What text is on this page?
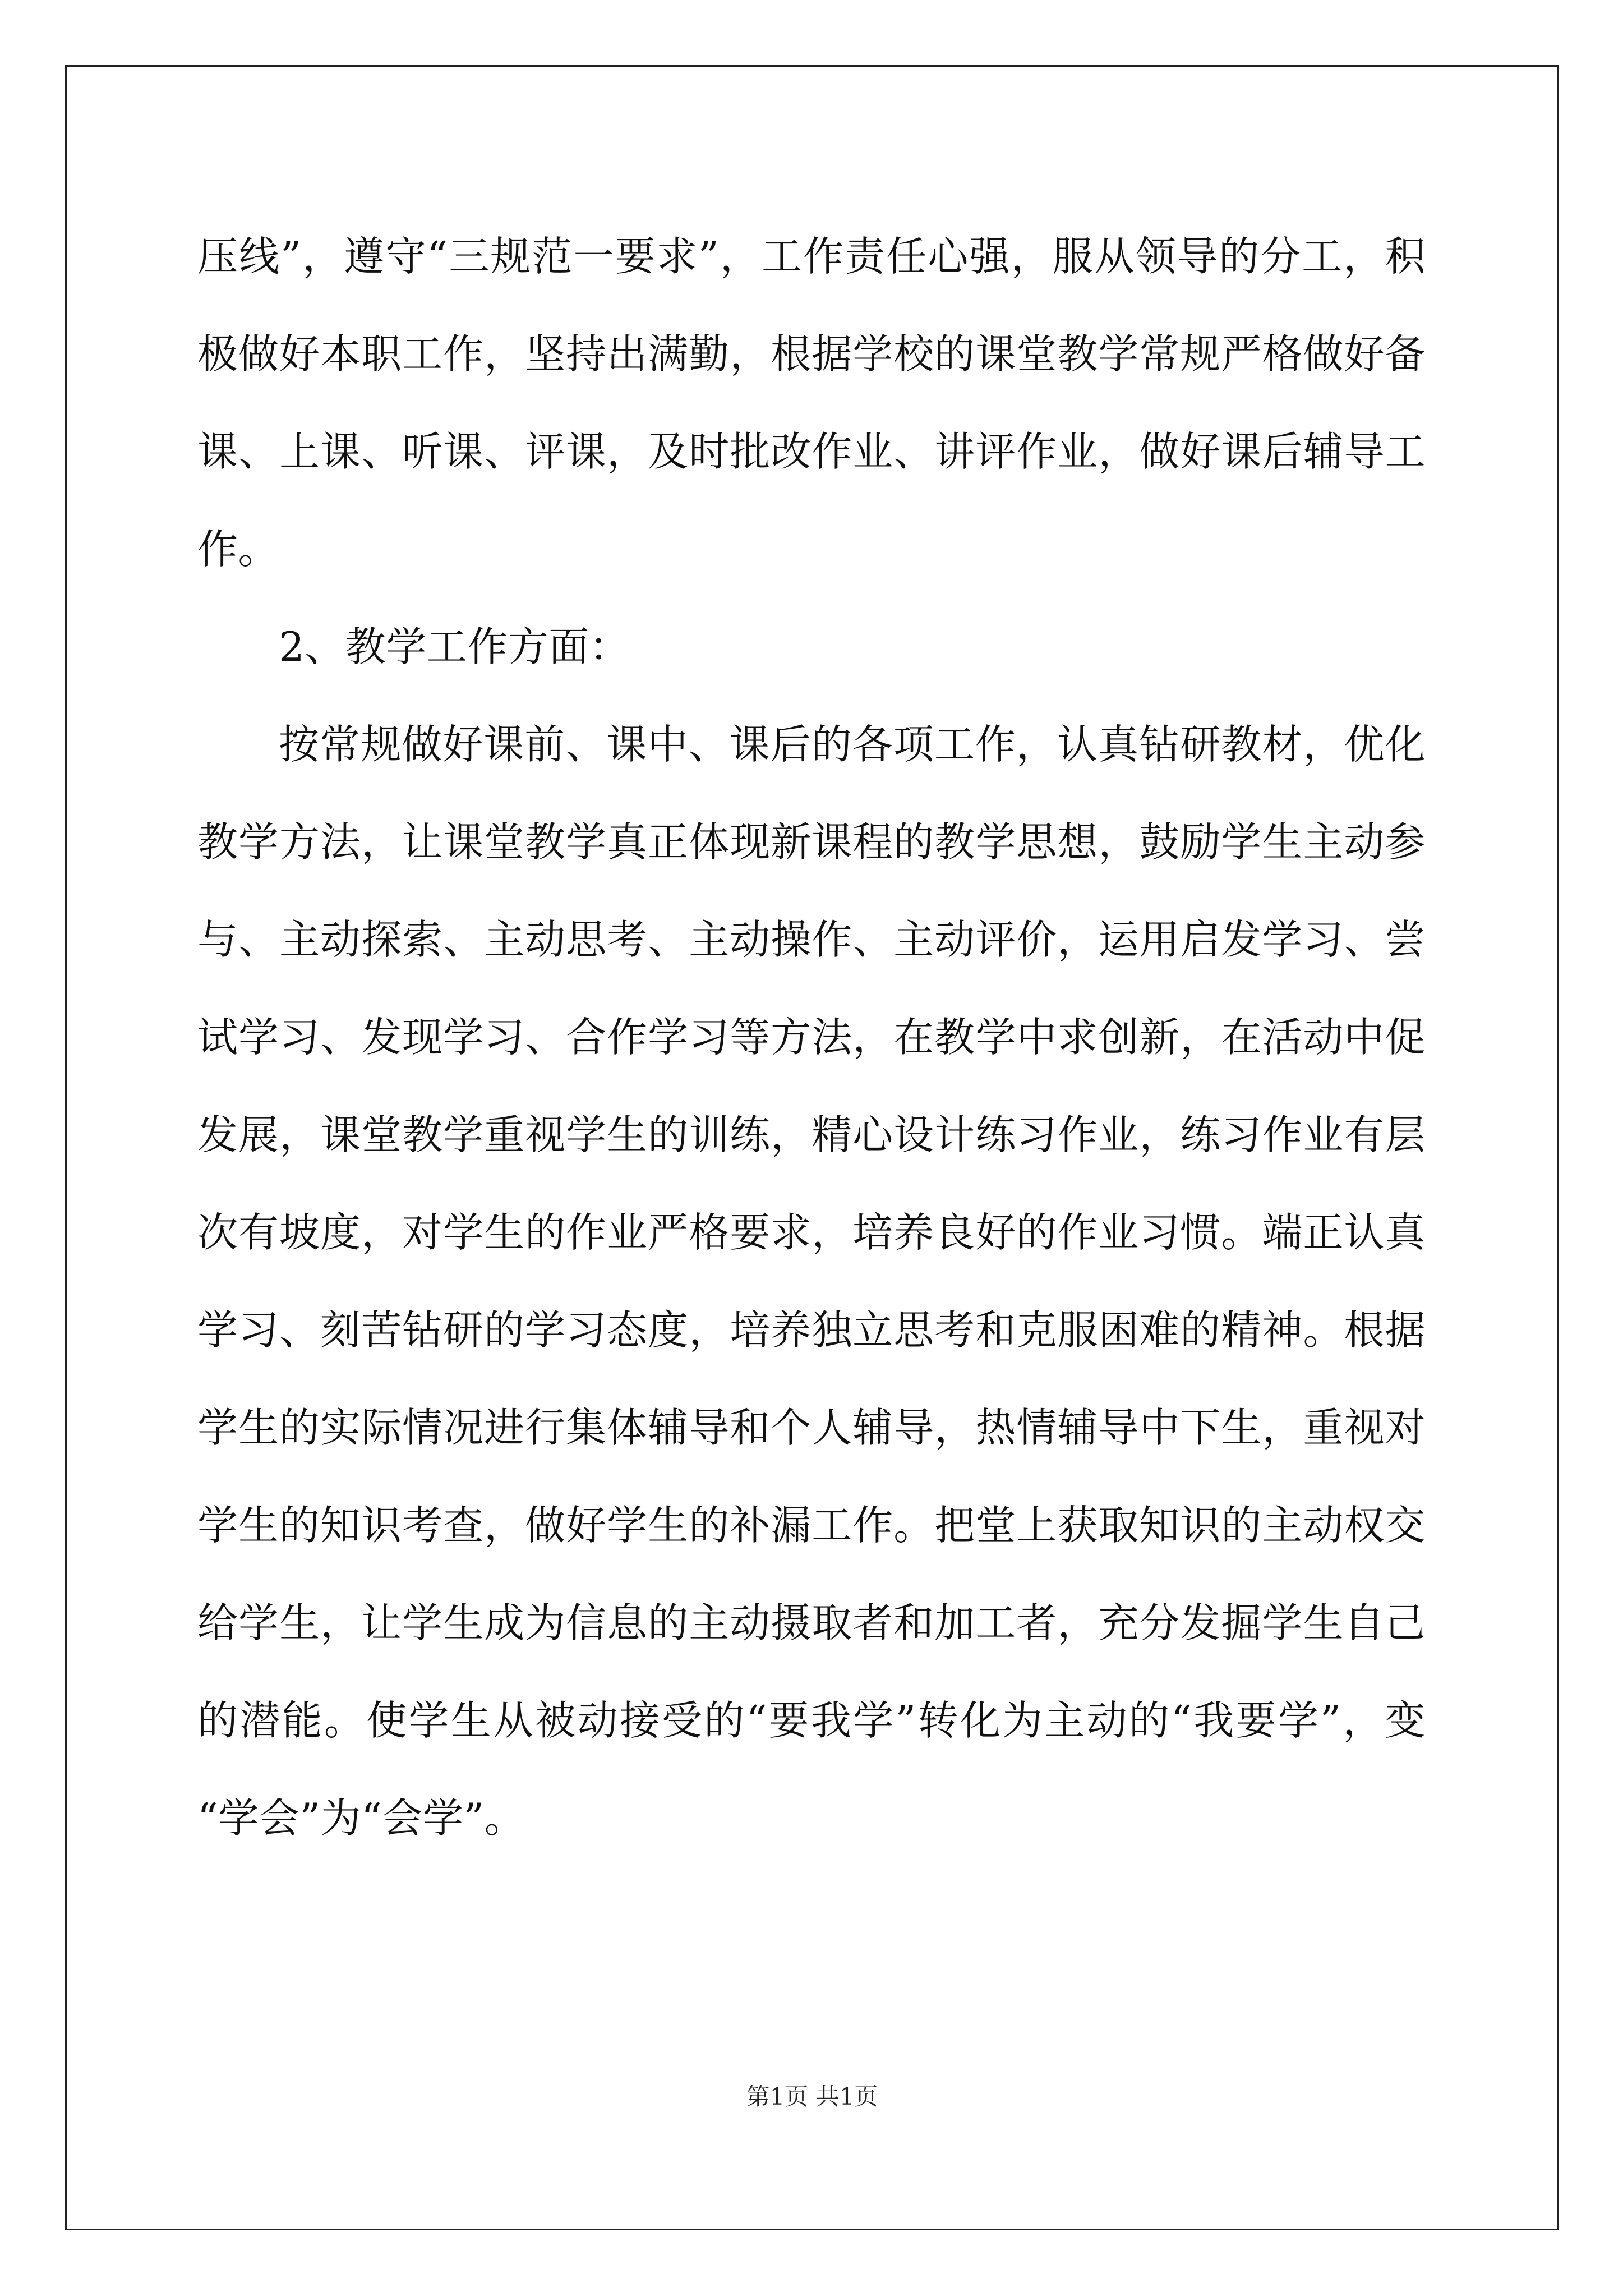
压线”，遵守“三规范一要求”，工作责任心强，服从领导的分工，积
极做好本职工作，坚持出满勤，根据学校的课堂教学常规严格做好备
课、上课、听课、评课，及时批改作业、讲评作业，做好课后辅导工
作。
2、教学工作方面：
按常规做好课前、课中、课后的各项工作，认真钻研教材，优化
教学方法，让课堂教学真正体现新课程的教学思想，鼓励学生主动参
与、主动探索、主动思考、主动操作、主动评价，运用启发学习、尝
试学习、发现学习、合作学习等方法，在教学中求创新，在活动中促
发展，课堂教学重视学生的训练，精心设计练习作业，练习作业有层
次有坡度，对学生的作业严格要求，培养良好的作业习惯。端正认真
学习、刻苦钻研的学习态度，培养独立思考和克服困难的精神。根据
学生的实际情况进行集体辅导和个人辅导，热情辅导中下生，重视对
学生的知识考查，做好学生的补漏工作。把堂上获取知识的主动权交
给学生，让学生成为信息的主动摄取者和加工者，充分发掘学生自己
的潜能。使学生从被动接受的“要我学”转化为主动的“我要学”，变
“学会”为“会学”。
第1页 共1页
